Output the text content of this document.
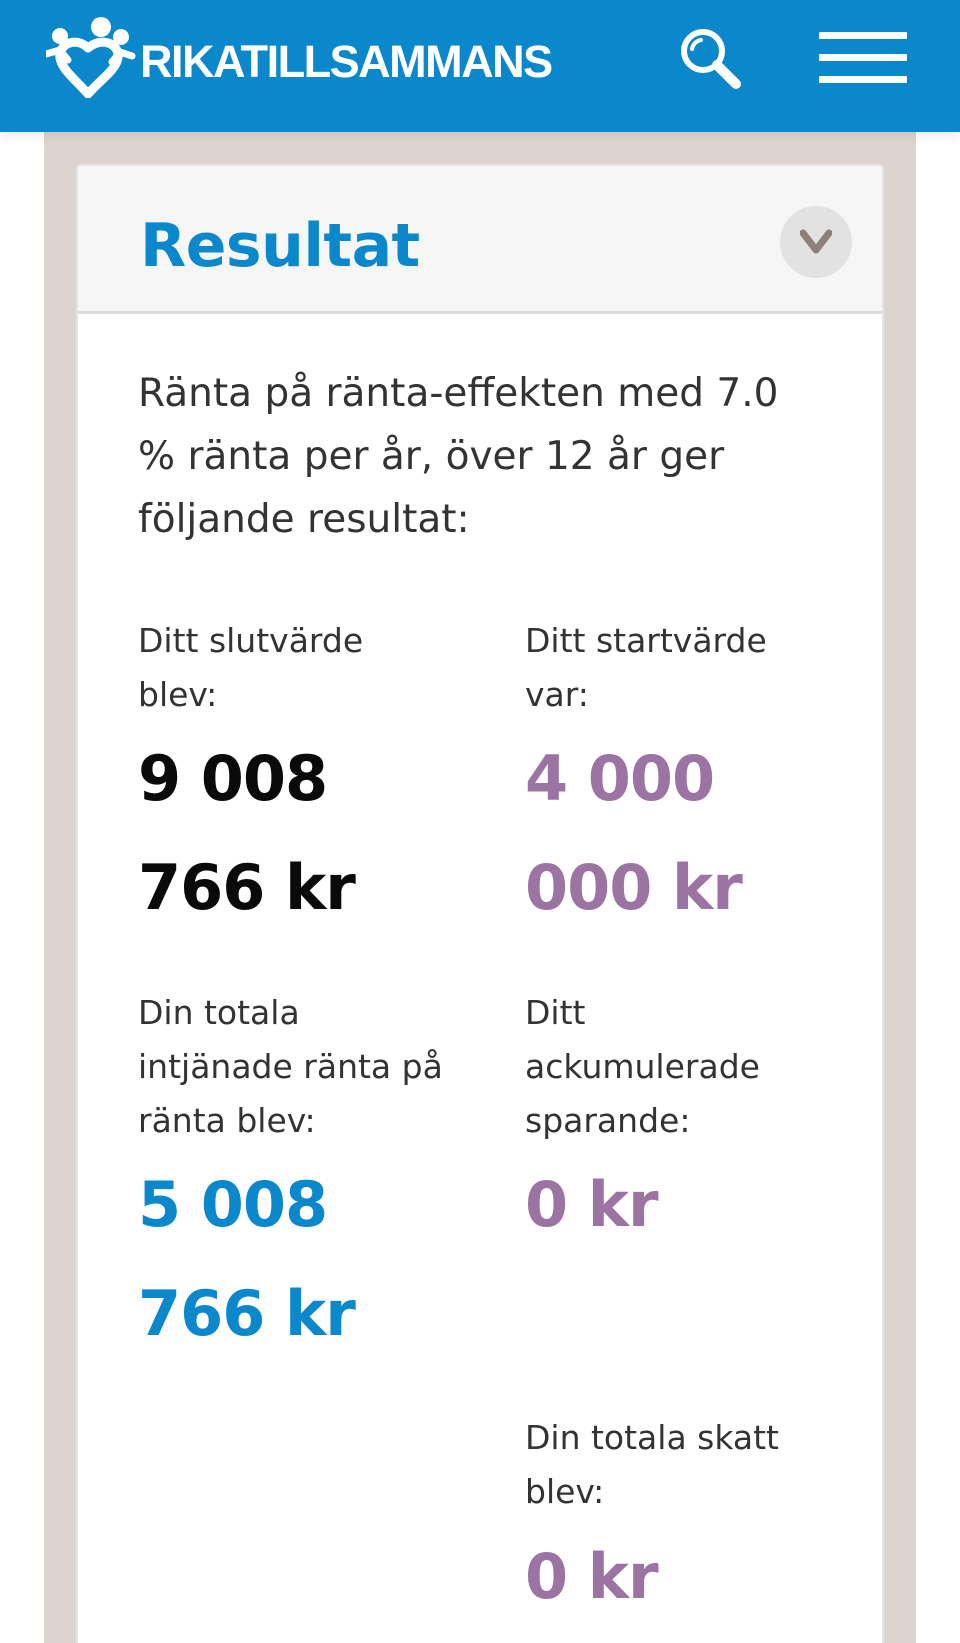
RIKATILLSAMMANS
Resultat

Ränta på ränta-effekten med 7.0 % ränta per år, över 12 år ger följande resultat:

Ditt slutvärde blev:
9 008 766 kr
Ditt startvärde var:
4 000 000 kr
Din totala intjänade ränta på ränta blev:
5 008 766 kr
Ditt ackumulerade sparande:
0 kr
Din totala skatt blev:
0 kr
